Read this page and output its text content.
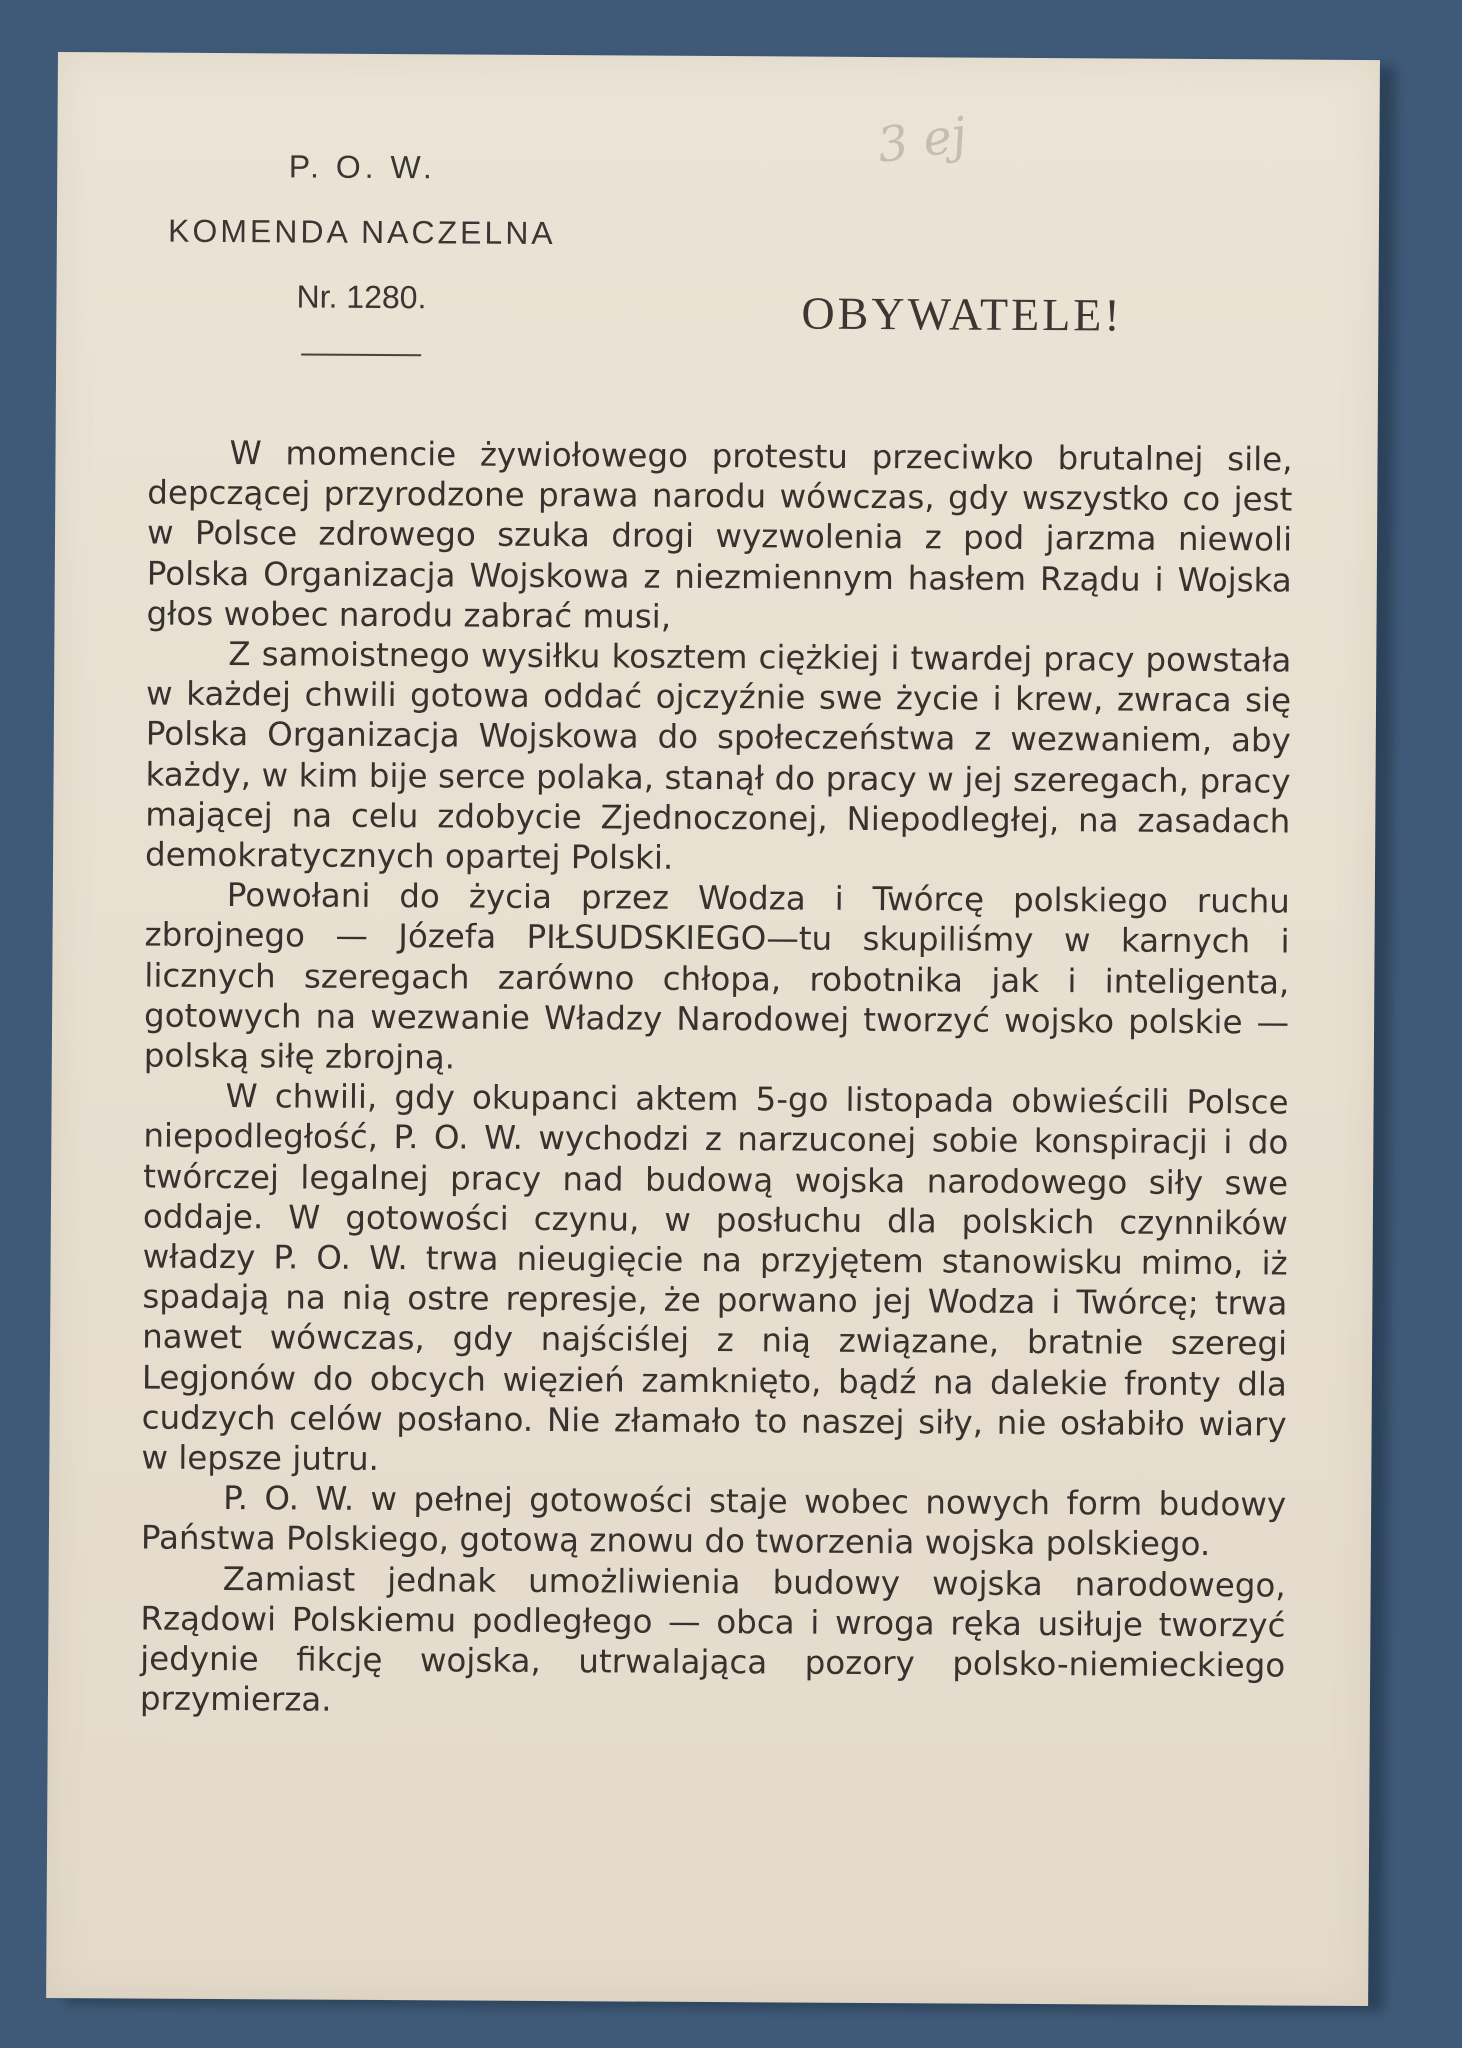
3 ej
P. O. W.
KOMENDA NACZELNA
Nr. 1280.	OBYWATELE!

W momencie żywiołowego protestu przeciwko brutalnej sile, depczącej przyrodzone prawa narodu wówczas, gdy wszystko co jest w Polsce zdrowego szuka drogi wyzwolenia z pod jarzma niewoli Polska Organizacja Wojskowa z niezmiennym hasłem Rządu i Wojska głos wobec narodu zabrać musi,

Z samoistnego wysiłku kosztem ciężkiej i twardej pracy powstała w każdej chwili gotowa oddać ojczyźnie swe życie i krew, zwraca się Polska Organizacja Wojskowa do społeczeństwa z wezwaniem, aby każdy, w kim bije serce polaka, stanął do pracy w jej szeregach, pracy mającej na celu zdobycie Zjednoczonej, Niepodległej, na zasadach demokratycznych opartej Polski.

Powołani do życia przez Wodza i Twórcę polskiego ruchu zbrojnego — Józefa PIŁSUDSKIEGO—tu skupiliśmy w karnych i licznych szeregach zarówno chłopa, robotnika jak i inteligenta, gotowych na wezwanie Władzy Narodowej tworzyć wojsko polskie — polską siłę zbrojną.

W chwili, gdy okupanci aktem 5-go listopada obwieścili Polsce niepodległość, P. O. W. wychodzi z narzuconej sobie konspiracji i do twórczej legalnej pracy nad budową wojska narodowego siły swe oddaje. W gotowości czynu, w posłuchu dla polskich czynników władzy P. O. W. trwa nieugięcie na przyjętem stanowisku mimo, iż spadają na nią ostre represje, że porwano jej Wodza i Twórcę; trwa nawet wówczas, gdy najściślej z nią związane, bratnie szeregi Legjonów do obcych więzień zamknięto, bądź na dalekie fronty dla cudzych celów posłano. Nie złamało to naszej siły, nie osłabiło wiary w lepsze jutru.

P. O. W. w pełnej gotowości staje wobec nowych form budowy Państwa Polskiego, gotową znowu do tworzenia wojska polskiego.

Zamiast jednak umożliwienia budowy wojska narodowego, Rządowi Polskiemu podległego — obca i wroga ręka usiłuje tworzyć jedynie fikcję wojska, utrwalająca pozory polsko-niemieckiego przymierza.
